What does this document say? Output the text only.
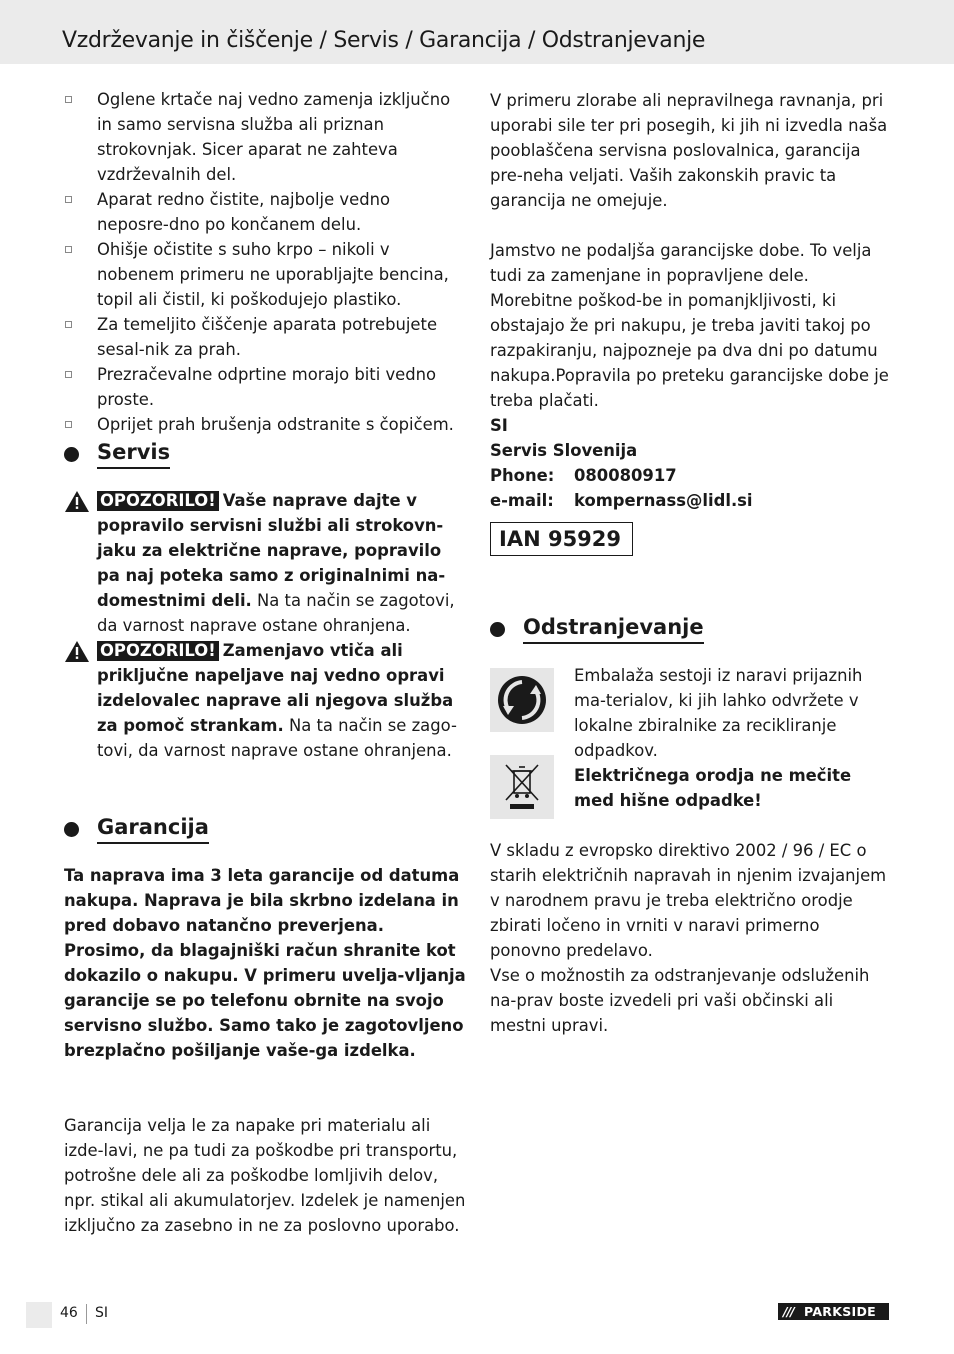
Vzdrževanje in čiščenje / Servis / Garancija / Odstranjevanje
Oglene krtače naj vedno zamenja izključno in samo servisna služba ali priznan strokovnjak. Sicer aparat ne zahteva vzdrževalnih del.
Aparat redno čistite, najbolje vedno neposre-dno po končanem delu.
Ohišje očistite s suho krpo – nikoli v nobenem primeru ne uporabljajte bencina, topil ali čistil, ki poškodujejo plastiko.
Za temeljito čiščenje aparata potrebujete sesal-nik za prah.
Prezračevalne odprtine morajo biti vedno proste.
Oprijet prah brušenja odstranite s čopičem.
Servis
OPOZORILO! Vaše naprave dajte v popravilo servisni službi ali strokovn-jaku za električne naprave, popravilo pa naj poteka samo z originalnimi na-domestnimi deli. Na ta način se zagotovi, da varnost naprave ostane ohranjena.
OPOZORILO! Zamenjavo vtiča ali priključne napeljave naj vedno opravi izdelovalec naprave ali njegova služba za pomoč strankam. Na ta način se zago-tovi, da varnost naprave ostane ohranjena.
Garancija

Ta naprava ima 3 leta garancije od datuma nakupa. Naprava je bila skrbno izdelana in pred dobavo natančno preverjena. Prosimo, da blagajniški račun shranite kot dokazilo o nakupu. V primeru uvelja-vljanja garancije se po telefonu obrnite na svojo servisno službo. Samo tako je zagotovljeno brezplačno pošiljanje vaše-ga izdelka.

Garancija velja le za napake pri materialu ali izde-lavi, ne pa tudi za poškodbe pri transportu, potrošne dele ali za poškodbe lomljivih delov, npr. stikal ali akumulatorjev. Izdelek je namenjen izključno za zasebno in ne za poslovno uporabo.

V primeru zlorabe ali nepravilnega ravnanja, pri uporabi sile ter pri posegih, ki jih ni izvedla naša pooblaščena servisna poslovalnica, garancija pre-neha veljati. Vaših zakonskih pravic ta garancija ne omejuje.

Jamstvo ne podaljša garancijske dobe. To velja tudi za zamenjane in popravljene dele. Morebitne poškod-be in pomanjkljivosti, ki obstajajo že pri nakupu, je treba javiti takoj po razpakiranju, najpozneje pa dva dni po datumu nakupa.Popravila po preteku garancijske dobe je treba plačati.

SI
Servis Slovenija
Phone:	080080917
e-mail:	kompernass@lidl.si
IAN 95929
Odstranjevanje

Embalaža sestoji iz naravi prijaznih ma-terialov, ki jih lahko odvržete v lokalne zbiralnike za recikliranje odpadkov.

Električnega orodja ne mečite med hišne odpadke!

V skladu z evropsko direktivo 2002 / 96 / EC o starih električnih napravah in njenim izvajanjem v narodnem pravu je treba električno orodje zbirati ločeno in vrniti v naravi primerno ponovno predelavo.

Vse o možnostih za odstranjevanje odsluženih na-prav boste izvedeli pri vaši občinski ali mestni upravi.

46 SI	/// PARKSIDE
